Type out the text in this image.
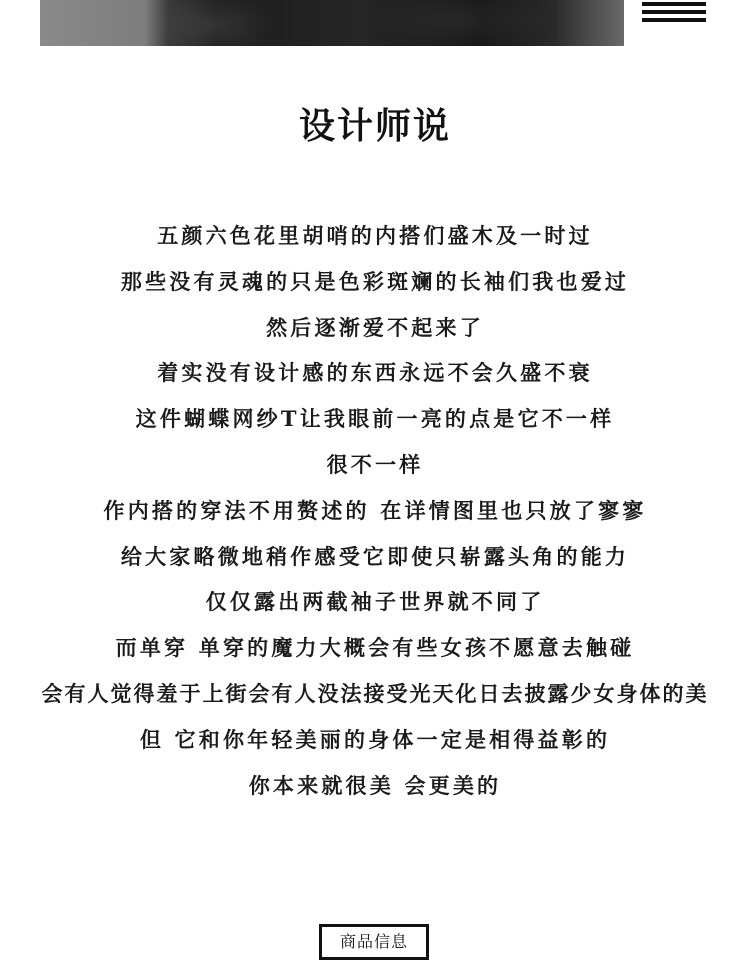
设计师说

五颜六色花里胡哨的内搭们盛木及一时过

那些没有灵魂的只是色彩斑斓的长袖们我也爱过

然后逐渐爱不起来了

着实没有设计感的东西永远不会久盛不衰

这件蝴蝶网纱T让我眼前一亮的点是它不一样

很不一样

作内搭的穿法不用赘述的 在详情图里也只放了寥寥

给大家略微地稍作感受它即使只崭露头角的能力

仅仅露出两截袖子世界就不同了

而单穿 单穿的魔力大概会有些女孩不愿意去触碰

会有人觉得羞于上街会有人没法接受光天化日去披露少女身体的美

但 它和你年轻美丽的身体一定是相得益彰的

你本来就很美 会更美的

商品信息
